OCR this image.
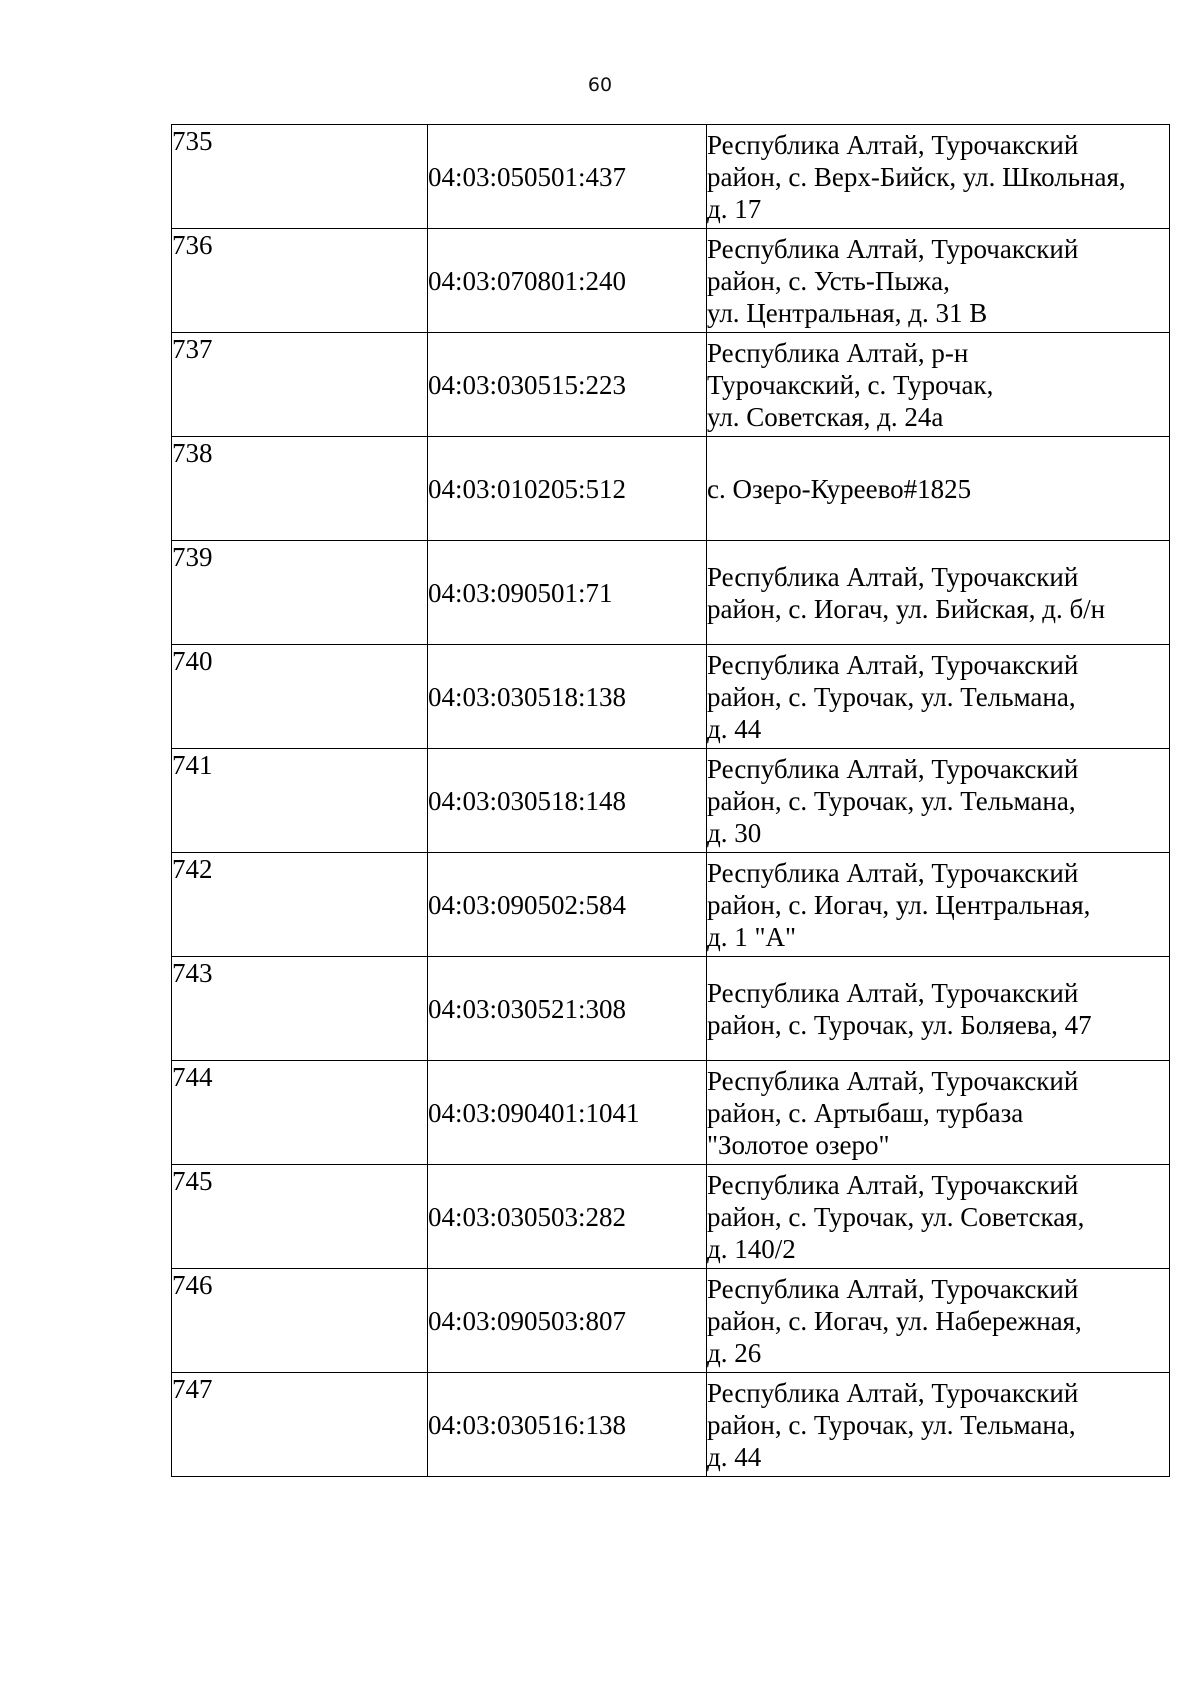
60
735	04:03:050501:437	Республика Алтай, Турочакский
район, с. Верх-Бийск, ул. Школьная,
д. 17
736	04:03:070801:240	Республика Алтай, Турочакский
район, с. Усть-Пыжа,
ул. Центральная, д. 31 В
737	04:03:030515:223	Республика Алтай, р-н
Турочакский, с. Турочак,
ул. Советская, д. 24а
738	04:03:010205:512	с. Озеро-Куреево#1825
739	04:03:090501:71	Республика Алтай, Турочакский
район, с. Иогач, ул. Бийская, д. б/н
740	04:03:030518:138	Республика Алтай, Турочакский
район, с. Турочак, ул. Тельмана,
д. 44
741	04:03:030518:148	Республика Алтай, Турочакский
район, с. Турочак, ул. Тельмана,
д. 30
742	04:03:090502:584	Республика Алтай, Турочакский
район, с. Иогач, ул. Центральная,
д. 1 "А"
743	04:03:030521:308	Республика Алтай, Турочакский
район, с. Турочак, ул. Боляева, 47
744	04:03:090401:1041	Республика Алтай, Турочакский
район, с. Артыбаш, турбаза
"Золотое озеро"
745	04:03:030503:282	Республика Алтай, Турочакский
район, с. Турочак, ул. Советская,
д. 140/2
746	04:03:090503:807	Республика Алтай, Турочакский
район, с. Иогач, ул. Набережная,
д. 26
747	04:03:030516:138	Республика Алтай, Турочакский
район, с. Турочак, ул. Тельмана,
д. 44
